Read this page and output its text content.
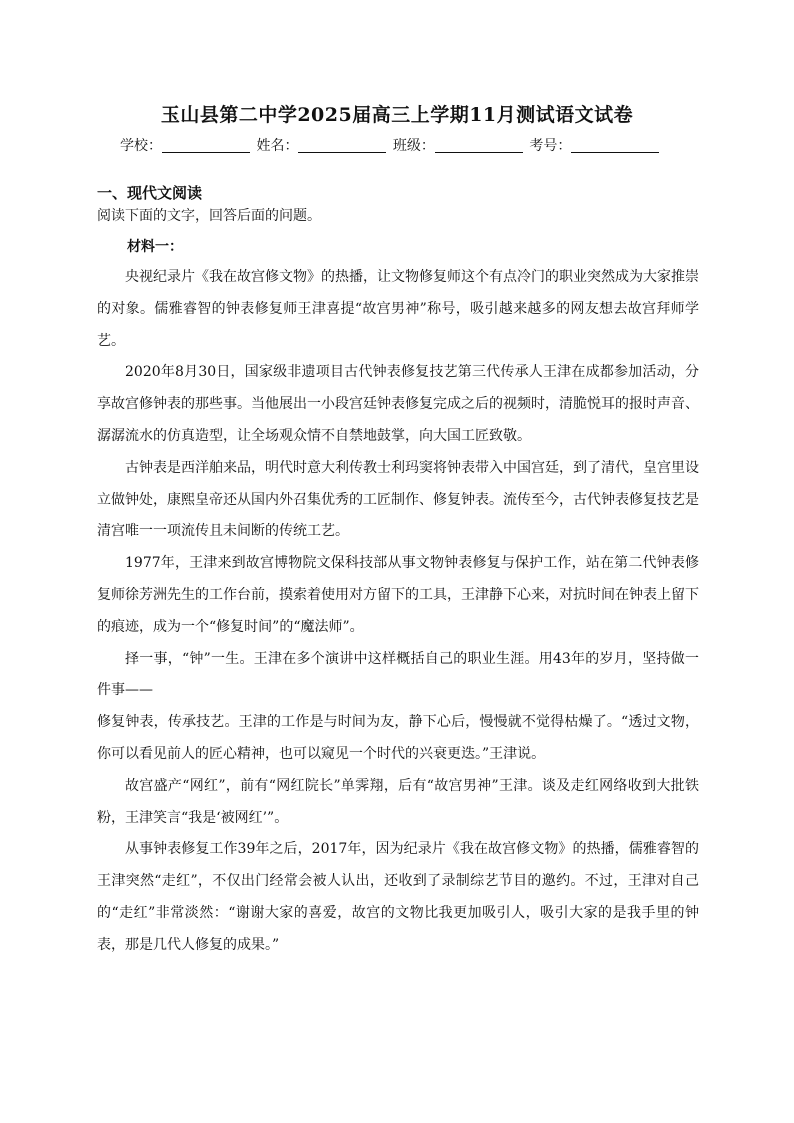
玉山县第二中学2025届高三上学期11月测试语文试卷
学校：	姓名：	班级：	考号：
一、现代文阅读
阅读下面的文字，回答后面的问题。
材料一：

央视纪录片《我在故宫修文物》的热播，让文物修复师这个有点冷门的职业突然成为大家推崇的对象。儒雅睿智的钟表修复师王津喜提“故宫男神”称号，吸引越来越多的网友想去故宫拜师学艺。

2020年8月30日，国家级非遗项目古代钟表修复技艺第三代传承人王津在成都参加活动，分享故宫修钟表的那些事。当他展出一小段宫廷钟表修复完成之后的视频时，清脆悦耳的报时声音、潺潺流水的仿真造型，让全场观众情不自禁地鼓掌，向大国工匠致敬。

古钟表是西洋舶来品，明代时意大利传教士利玛窦将钟表带入中国宫廷，到了清代，皇宫里设立做钟处，康熙皇帝还从国内外召集优秀的工匠制作、修复钟表。流传至今，古代钟表修复技艺是清宫唯一一项流传且未间断的传统工艺。

1977年，王津来到故宫博物院文保科技部从事文物钟表修复与保护工作，站在第二代钟表修复师徐芳洲先生的工作台前，摸索着使用对方留下的工具，王津静下心来，对抗时间在钟表上留下的痕迹，成为一个“修复时间”的“魔法师”。

择一事，“钟”一生。王津在多个演讲中这样概括自己的职业生涯。用43年的岁月，坚持做一件事——

修复钟表，传承技艺。王津的工作是与时间为友，静下心后，慢慢就不觉得枯燥了。“透过文物，你可以看见前人的匠心精神，也可以窥见一个时代的兴衰更迭。”王津说。

故宫盛产“网红”，前有“网红院长”单霁翔，后有“故宫男神”王津。谈及走红网络收到大批铁粉，王津笑言“我是‘被网红’”。

从事钟表修复工作39年之后，2017年，因为纪录片《我在故宫修文物》的热播，儒雅睿智的王津突然“走红”，不仅出门经常会被人认出，还收到了录制综艺节目的邀约。不过，王津对自己的“走红”非常淡然：“谢谢大家的喜爱，故宫的文物比我更加吸引人，吸引大家的是我手里的钟表，那是几代人修复的成果。”
